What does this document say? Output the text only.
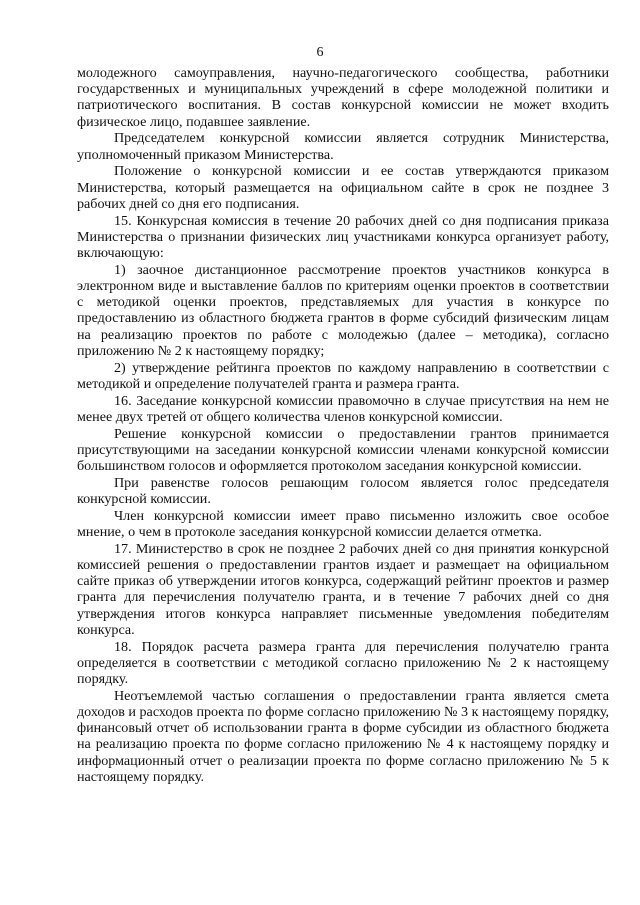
6

молодежного самоуправления, научно-педагогического сообщества, работники государственных и муниципальных учреждений в сфере молодежной политики и патриотического воспитания. В состав конкурсной комиссии не может входить физическое лицо, подавшее заявление.

Председателем конкурсной комиссии является сотрудник Министерства, уполномоченный приказом Министерства.

Положение о конкурсной комиссии и ее состав утверждаются приказом Министерства, который размещается на официальном сайте в срок не позднее 3 рабочих дней со дня его подписания.

15. Конкурсная комиссия в течение 20 рабочих дней со дня подписания приказа Министерства о признании физических лиц участниками конкурса организует работу, включающую:

1) заочное дистанционное рассмотрение проектов участников конкурса в электронном виде и выставление баллов по критериям оценки проектов в соответствии с методикой оценки проектов, представляемых для участия в конкурсе по предоставлению из областного бюджета грантов в форме субсидий физическим лицам на реализацию проектов по работе с молодежью (далее – методика), согласно приложению № 2 к настоящему порядку;

2) утверждение рейтинга проектов по каждому направлению в соответствии с методикой и определение получателей гранта и размера гранта.

16. Заседание конкурсной комиссии правомочно в случае присутствия на нем не менее двух третей от общего количества членов конкурсной комиссии.

Решение конкурсной комиссии о предоставлении грантов принимается присутствующими на заседании конкурсной комиссии членами конкурсной комиссии большинством голосов и оформляется протоколом заседания конкурсной комиссии.

При равенстве голосов решающим голосом является голос председателя конкурсной комиссии.

Член конкурсной комиссии имеет право письменно изложить свое особое мнение, о чем в протоколе заседания конкурсной комиссии делается отметка.

17. Министерство в срок не позднее 2 рабочих дней со дня принятия конкурсной комиссией решения о предоставлении грантов издает и размещает на официальном сайте приказ об утверждении итогов конкурса, содержащий рейтинг проектов и размер гранта для перечисления получателю гранта, и в течение 7 рабочих дней со дня утверждения итогов конкурса направляет письменные уведомления победителям конкурса.

18. Порядок расчета размера гранта для перечисления получателю гранта определяется в соответствии с методикой согласно приложению № 2 к настоящему порядку.

Неотъемлемой частью соглашения о предоставлении гранта является смета доходов и расходов проекта по форме согласно приложению № 3 к настоящему порядку, финансовый отчет об использовании гранта в форме субсидии из областного бюджета на реализацию проекта по форме согласно приложению № 4 к настоящему порядку и информационный отчет о реализации проекта по форме согласно приложению № 5 к настоящему порядку.
